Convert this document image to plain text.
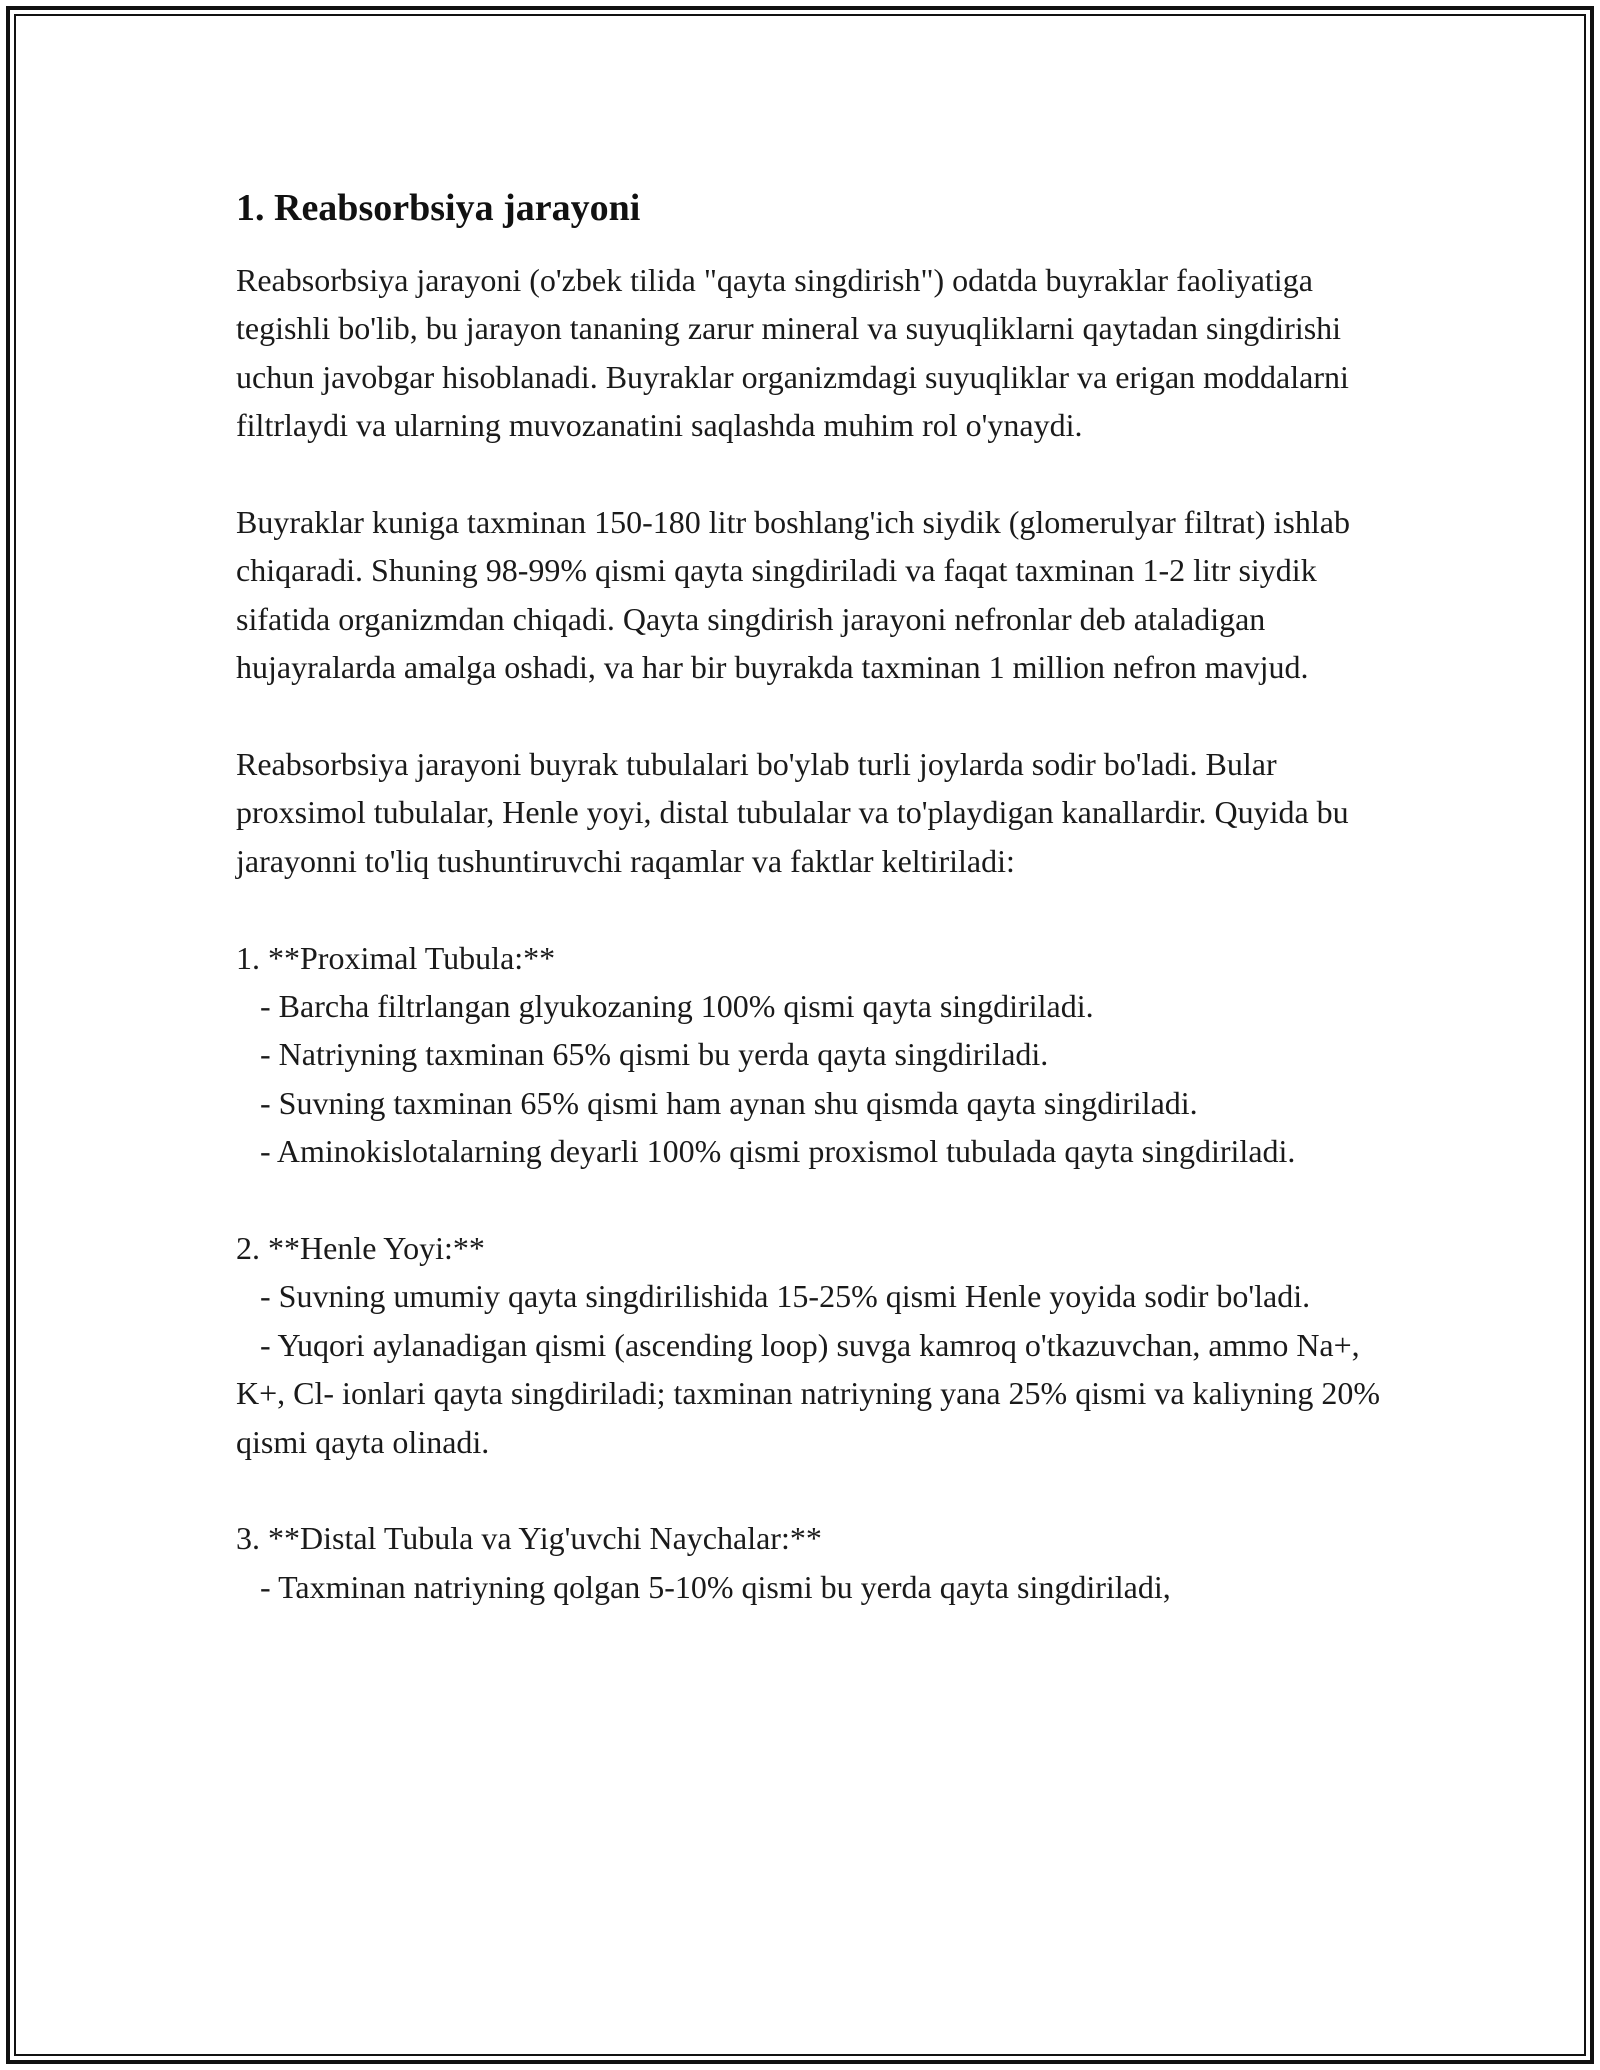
1. Reabsorbsiya jarayoni

Reabsorbsiya jarayoni (o'zbek tilida "qayta singdirish") odatda buyraklar faoliyatiga tegishli bo'lib, bu jarayon tananing zarur mineral va suyuqliklarni qaytadan singdirishi uchun javobgar hisoblanadi. Buyraklar organizmdagi suyuqliklar va erigan moddalarni filtrlaydi va ularning muvozanatini saqlashda muhim rol o'ynaydi.

Buyraklar kuniga taxminan 150-180 litr boshlang'ich siydik (glomerulyar filtrat) ishlab chiqaradi. Shuning 98-99% qismi qayta singdiriladi va faqat taxminan 1-2 litr siydik sifatida organizmdan chiqadi. Qayta singdirish jarayoni nefronlar deb ataladigan hujayralarda amalga oshadi, va har bir buyrakda taxminan 1 million nefron mavjud.

Reabsorbsiya jarayoni buyrak tubulalari bo'ylab turli joylarda sodir bo'ladi. Bular proxsimol tubulalar, Henle yoyi, distal tubulalar va to'playdigan kanallardir. Quyida bu jarayonni to'liq tushuntiruvchi raqamlar va faktlar keltiriladi:

1. **Proximal Tubula:**
- Barcha filtrlangan glyukozaning 100% qismi qayta singdiriladi.
- Natriyning taxminan 65% qismi bu yerda qayta singdiriladi.
- Suvning taxminan 65% qismi ham aynan shu qismda qayta singdiriladi.
- Aminokislotalarning deyarli 100% qismi proxismol tubulada qayta singdiriladi.
2. **Henle Yoyi:**
- Suvning umumiy qayta singdirilishida 15-25% qismi Henle yoyida sodir bo'ladi.
- Yuqori aylanadigan qismi (ascending loop) suvga kamroq o'tkazuvchan, ammo Na+, K+, Cl- ionlari qayta singdiriladi; taxminan natriyning yana 25% qismi va kaliyning 20% qismi qayta olinadi.
3. **Distal Tubula va Yig'uvchi Naychalar:**
- Taxminan natriyning qolgan 5-10% qismi bu yerda qayta singdiriladi,
